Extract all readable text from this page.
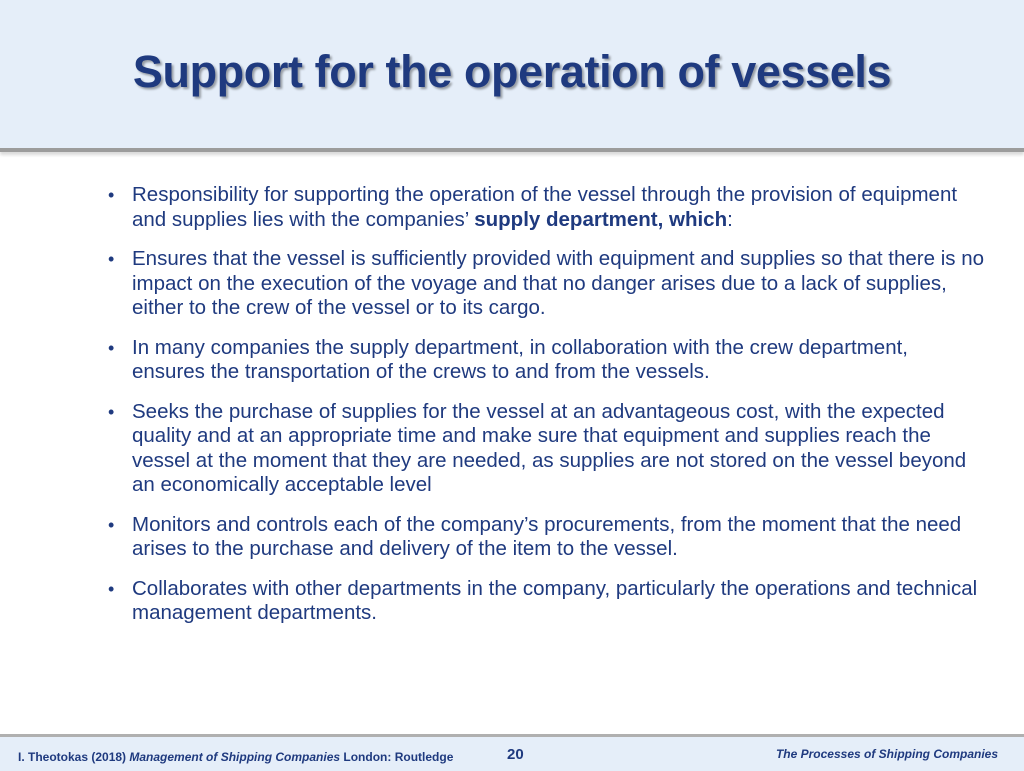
Support for the operation of vessels
• Responsibility for supporting the operation of the vessel through the provision of equipment and supplies lies with the companies’ supply department, which:
• Ensures that the vessel is sufficiently provided with equipment and supplies so that there is no impact on the execution of the voyage and that no danger arises due to a lack of supplies, either to the crew of the vessel or to its cargo.
• In many companies the supply department, in collaboration with the crew department, ensures the transportation of the crews to and from the vessels.
• Seeks the purchase of supplies for the vessel at an advantageous cost, with the expected quality and at an appropriate time and make sure that equipment and supplies reach the vessel at the moment that they are needed, as supplies are not stored on the vessel beyond an economically acceptable level
• Monitors and controls each of the company’s procurements, from the moment that the need arises to the purchase and delivery of the item to the vessel.
• Collaborates with other departments in the company, particularly the operations and technical management departments.
I. Theotokas (2018) Management of Shipping Companies London: Routledge	20	The Processes of Shipping Companies
